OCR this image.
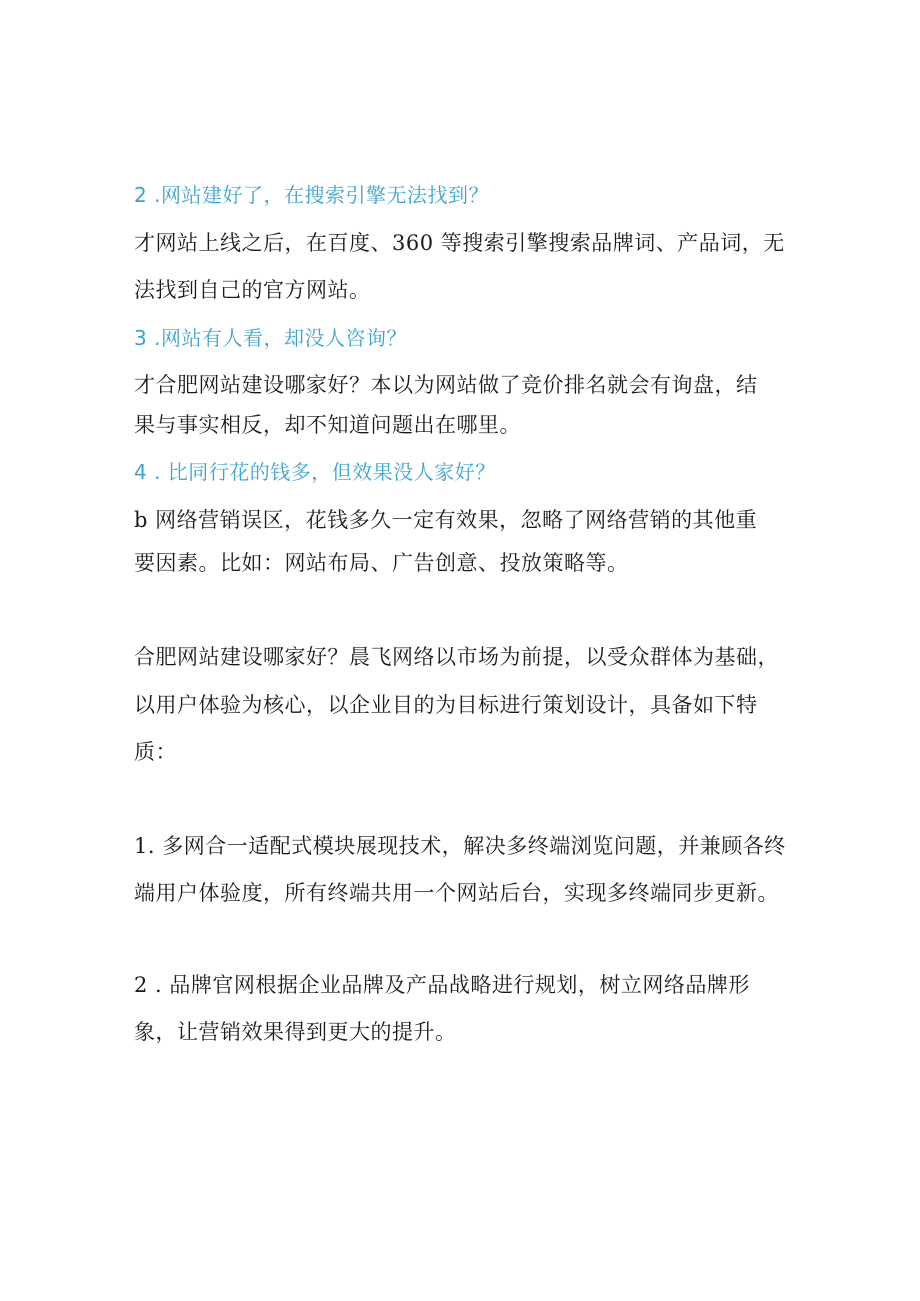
2 .网站建好了，在搜索引擎无法找到？
才网站上线之后，在百度、360 等搜索引擎搜索品牌词、产品词，无
法找到自己的官方网站。
3 .网站有人看，却没人咨询？
才合肥网站建设哪家好？本以为网站做了竞价排名就会有询盘，结
果与事实相反，却不知道问题出在哪里。
4 . 比同行花的钱多，但效果没人家好？
b 网络营销误区，花钱多久一定有效果，忽略了网络营销的其他重
要因素。比如：网站布局、广告创意、投放策略等。
合肥网站建设哪家好？晨飞网络以市场为前提，以受众群体为基础，
以用户体验为核心，以企业目的为目标进行策划设计，具备如下特
质：
1. 多网合一适配式模块展现技术，解决多终端浏览问题，并兼顾各终
端用户体验度，所有终端共用一个网站后台，实现多终端同步更新。
2 . 品牌官网根据企业品牌及产品战略进行规划，树立网络品牌形
象，让营销效果得到更大的提升。
